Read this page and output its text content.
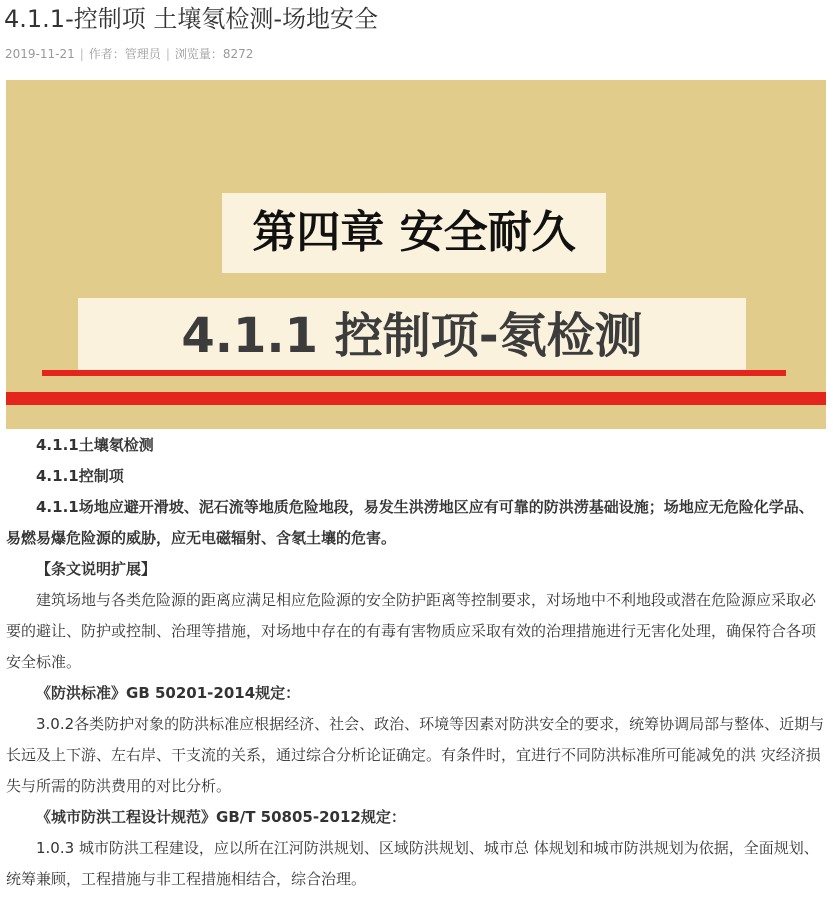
4.1.1-控制项 土壤氡检测-场地安全
2019-11-21 | 作者：管理员 | 浏览量：8272
第四章 安全耐久
4.1.1 控制项-氡检测

4.1.1土壤氡检测

4.1.1控制项

4.1.1场地应避开滑坡、泥石流等地质危险地段，易发生洪涝地区应有可靠的防洪涝基础设施；场地应无危险化学品、易燃易爆危险源的威胁，应无电磁辐射、含氡土壤的危害。

【条文说明扩展】

建筑场地与各类危险源的距离应满足相应危险源的安全防护距离等控制要求，对场地中不利地段或潜在危险源应采取必要的避让、防护或控制、治理等措施，对场地中存在的有毒有害物质应采取有效的治理措施进行无害化处理，确保符合各项安全标准。

《防洪标准》GB 50201-2014规定：

3.0.2各类防护对象的防洪标准应根据经济、社会、政治、环境等因素对防洪安全的要求，统筹协调局部与整体、近期与长远及上下游、左右岸、干支流的关系，通过综合分析论证确定。有条件时，宜进行不同防洪标准所可能减免的洪 灾经济损失与所需的防洪费用的对比分析。

《城市防洪工程设计规范》GB/T 50805-2012规定：

1.0.3 城市防洪工程建设，应以所在江河防洪规划、区域防洪规划、城市总 体规划和城市防洪规划为依据，全面规划、统筹兼顾，工程措施与非工程措施相结合，综合治理。
